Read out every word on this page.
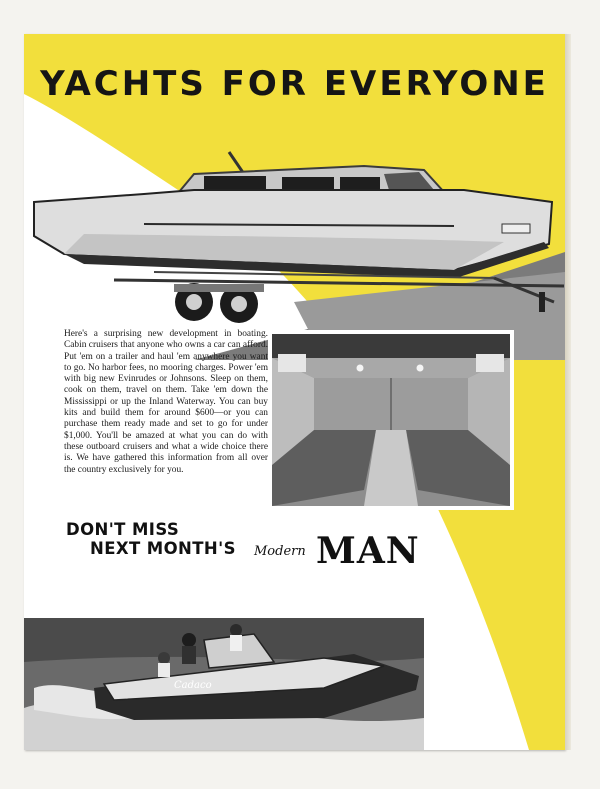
YACHTS FOR EVERYONE

Here's a surprising new development in boating. Cabin cruisers that anyone who owns a car can afford. Put 'em on a trailer and haul 'em anywhere you want to go. No harbor fees, no mooring charges. Power 'em with big new Evinrudes or Johnsons. Sleep on them, cook on them, travel on them. Take 'em down the Mississippi or up the Inland Waterway. You can buy kits and build them for around $600—or you can purchase them ready made and set to go for under $1,000. You'll be amazed at what you can do with these outboard cruisers and what a wide choice there is. We have gathered this information from all over the country exclusively for you.

DON'T MISS
NEXT MONTH'S Modern MAN
Cadaco
